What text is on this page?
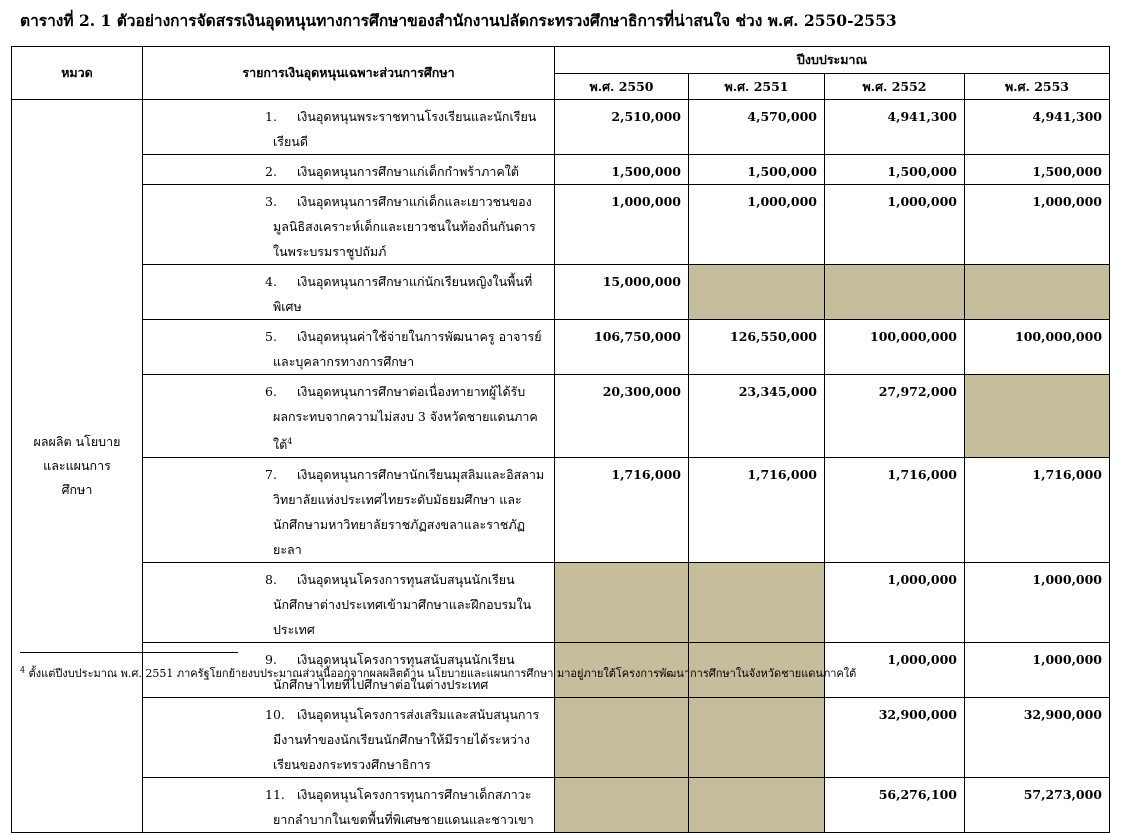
ตารางที่ 2. 1 ตัวอย่างการจัดสรรเงินอุดหนุนทางการศึกษาของสำนักงานปลัดกระทรวงศึกษาธิการที่น่าสนใจ ช่วง พ.ศ. 2550-2553
หมวด	รายการเงินอุดหนุนเฉพาะส่วนการศึกษา	ปีงบประมาณ			
		พ.ศ. 2550	พ.ศ. 2551	พ.ศ. 2552	พ.ศ. 2553

ผลผลิต นโยบาย
และแผนการ
ศึกษา	1. เงินอุดหนุนพระราชทานโรงเรียนและนักเรียนเรียนดี	2,510,000	4,570,000	4,941,300	4,941,300
	2. เงินอุดหนุนการศึกษาแก่เด็กกำพร้าภาคใต้	1,500,000	1,500,000	1,500,000	1,500,000
	3. เงินอุดหนุนการศึกษาแก่เด็กและเยาวชนของมูลนิธิสงเคราะห์เด็กและเยาวชนในท้องถิ่นกันดารในพระบรมราชูปถัมภ์	1,000,000	1,000,000	1,000,000	1,000,000
	4. เงินอุดหนุนการศึกษาแก่นักเรียนหญิงในพื้นที่พิเศษ	15,000,000			
	5. เงินอุดหนุนค่าใช้จ่ายในการพัฒนาครู อาจารย์และบุคลากรทางการศึกษา	106,750,000	126,550,000	100,000,000	100,000,000
	6. เงินอุดหนุนการศึกษาต่อเนื่องทายาทผู้ได้รับผลกระทบจากความไม่สงบ 3 จังหวัดชายแดนภาคใต้$^4$	20,300,000	23,345,000	27,972,000	
	7. เงินอุดหนุนการศึกษานักเรียนมุสลิมและอิสลามวิทยาลัยแห่งประเทศไทยระดับมัธยมศึกษา และนักศึกษามหาวิทยาลัยราชภัฏสงขลาและราชภัฏยะลา	1,716,000	1,716,000	1,716,000	1,716,000
	8. เงินอุดหนุนโครงการทุนสนับสนุนนักเรียน นักศึกษาต่างประเทศเข้ามาศึกษาและฝึกอบรมในประเทศ			1,000,000	1,000,000
	9. เงินอุดหนุนโครงการทุนสนับสนุนนักเรียนนักศึกษาไทยที่ไปศึกษาต่อในต่างประเทศ			1,000,000	1,000,000
	10. เงินอุดหนุนโครงการส่งเสริมและสนับสนุนการมีงานทำของนักเรียนนักศึกษาให้มีรายได้ระหว่างเรียนของกระทรวงศึกษาธิการ			32,900,000	32,900,000
	11. เงินอุดหนุนโครงการทุนการศึกษาเด็กสภาวะยากลำบากในเขตพื้นที่พิเศษชายแดนและชาวเขา			56,276,100	57,273,000
$^4$ ตั้งแต่ปีงบประมาณ พ.ศ. 2551 ภาครัฐโยกย้ายงบประมาณส่วนนี้ออกจากผลผลิตด้าน นโยบายและแผนการศึกษา มาอยู่ภายใต้โครงการพัฒนาการศึกษาในจังหวัดชายแดนภาคใต้
